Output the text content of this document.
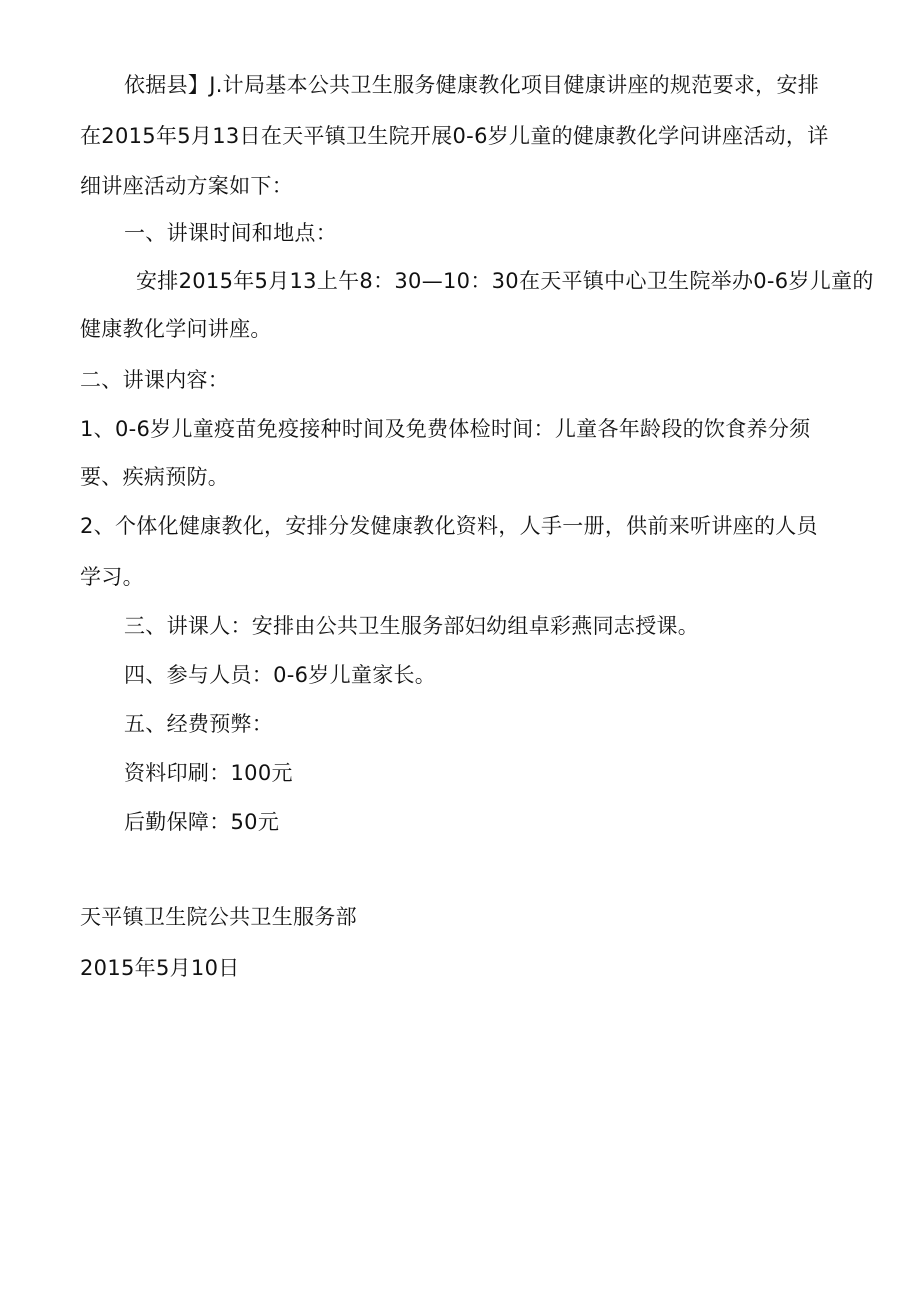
依据县】J.计局基本公共卫生服务健康教化项目健康讲座的规范要求，安排
在2015年5月13日在天平镇卫生院开展0-6岁儿童的健康教化学问讲座活动，详
细讲座活动方案如下：
一、讲课时间和地点：
安排2015年5月13上午8：30—10：30在天平镇中心卫生院举办0-6岁儿童的
健康教化学问讲座。
二、讲课内容：
1、0-6岁儿童疫苗免疫接种时间及免费体检时间：儿童各年龄段的饮食养分须
要、疾病预防。
2、个体化健康教化，安排分发健康教化资料，人手一册，供前来听讲座的人员
学习。
三、讲课人：安排由公共卫生服务部妇幼组卓彩燕同志授课。
四、参与人员：0-6岁儿童家长。
五、经费预弊：
资料印刷：100元
后勤保障：50元
天平镇卫生院公共卫生服务部
2015年5月10日
